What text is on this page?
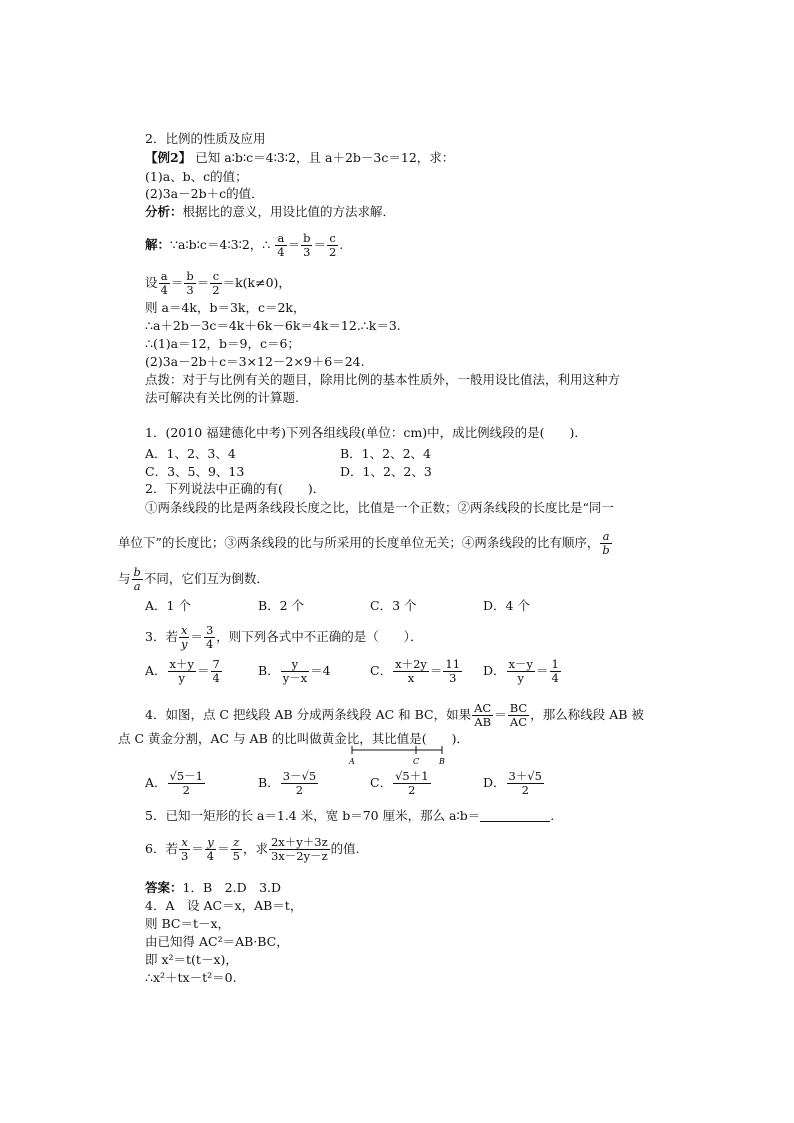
2．比例的性质及应用
【例2】 已知 a∶b∶c＝4∶3∶2，且 a＋2b－3c＝12，求：
(1)a、b、c的值；
(2)3a－2b＋c的值．
分析：根据比的意义，用设比值的方法求解．
解：∵a∶b∶c＝4∶3∶2，∴ $\frac{a}{4} = \frac{b}{3} = \frac{c}{2}$ .
设 $\frac{a}{4} = \frac{b}{3} = \frac{c}{2} =k(k\ne 0)$，
则 a＝4k，b＝3k，c＝2k，
∴a＋2b－3c＝4k＋6k－6k＝4k＝12.∴k＝3.
∴(1)a＝12，b＝9，c＝6；
(2)3a－2b＋c＝3×12－2×9＋6＝24.
点拨：对于与比例有关的题目，除用比例的基本性质外，一般用设比值法，利用这种方
法可解决有关比例的计算题.
1．(2010 福建德化中考)下列各组线段(单位：cm)中，成比例线段的是(　　)．
A．1、2、3、4	B．1、2、2、4
C．3、5、9、13	D．1、2、2、3
2．下列说法中正确的有(　　)．
①两条线段的比是两条线段长度之比，比值是一个正数；②两条线段的长度比是“同一
单位下”的长度比；③两条线段的比与所采用的长度单位无关；④两条线段的比有顺序， $\frac{a}{b}$
与 $\frac{b}{a}$ 不同，它们互为倒数．
A．1 个	B．2 个	C．3 个	D．4 个
3．若 $\frac{x}{y} = \frac{3}{4}$ ，则下列各式中不正确的是（　　）．
A． $\frac{x+y}{y} = \frac{7}{4}$	B． $\frac{y}{y-x} =4$	C． $\frac{x+2y}{x} = \frac{11}{3}$ D． $\frac{x-y}{y} = \frac{1}{4}$
4．如图，点 C 把线段 AB 分成两条线段 AC 和 BC，如果 $\frac{AC}{AB} = \frac{BC}{AC}$ ，那么称线段 AB 被
点 C 黄金分割，AC 与 AB 的比叫做黄金比，其比值是(　　)．
A	C B
A． $\frac{√5-1}{2}$	B． $\frac{3-√5}{2}$	C． $\frac{√5+1}{2}$	D． $\frac{3+√5}{2}$
5．已知一矩形的长 a＝1.4 米，宽 b＝70 厘米，那么 a∶b＝	.
6．若 $\frac{x}{3} = \frac{y}{4} = \frac{z}{5}$ ，求 $\frac{2x+y+3z}{3x-2y-z}$ 的值.
答案：1．B　2.D　3.D
4．A　设 AC＝x，AB＝t，
则 BC＝t－x，
由已知得 AC²＝AB·BC，
即 x²＝t(t－x)，
∴x²＋tx－t²＝0.
